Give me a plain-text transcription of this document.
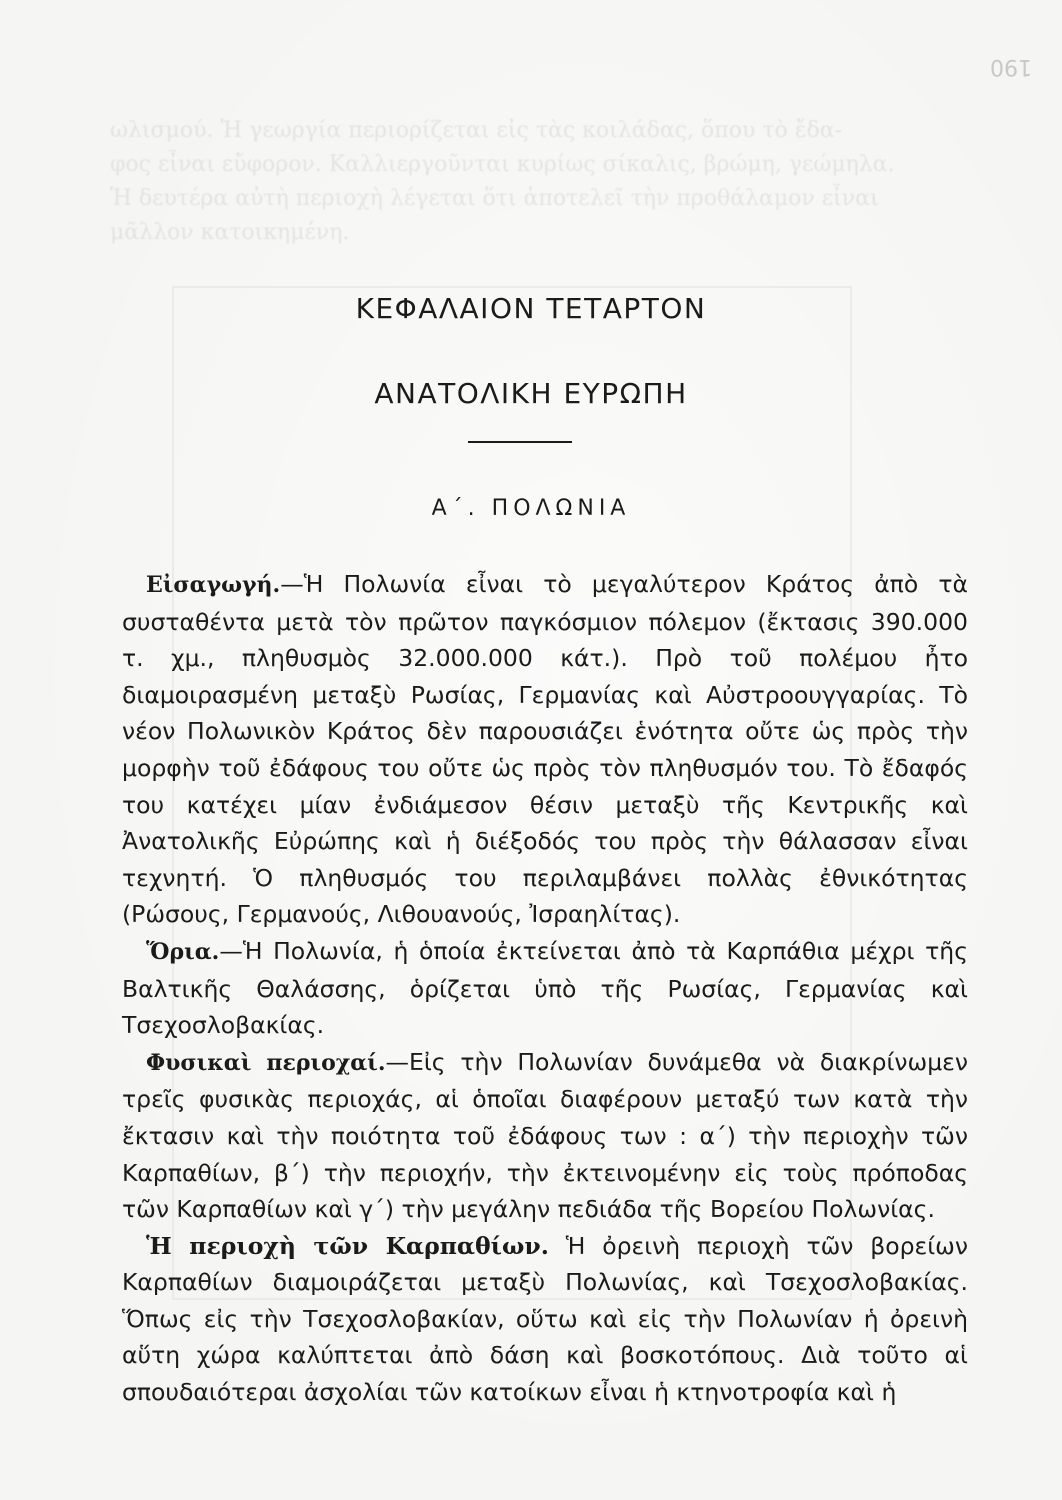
190
ωλισμού. Ἡ γεωργία περιορίζεται εἰς τὰς κοιλάδας, ὅπου τὸ ἔδα-
φος εἶναι εὔφορον. Καλλιεργοῦνται κυρίως σίκαλις, βρώμη, γεώμηλα.
Ἡ δευτέρα αὐτὴ περιοχὴ λέγεται ὅτι ἀποτελεῖ τὴν προθάλαμον εἶναι
μᾶλλον κατοικημένη.
ΚΕΦΑΛΑΙΟΝ ΤΕΤΑΡΤΟΝ
ΑΝΑΤΟΛΙΚΗ ΕΥΡΩΠΗ
Α΄. ΠΟΛΩΝΙΑ

Εἰσαγωγή.—Ἡ Πολωνία εἶναι τὸ μεγαλύτερον Κράτος ἀπὸ τὰ συσταθέντα μετὰ τὸν πρῶτον παγκόσμιον πόλεμον (ἔκτασις 390.000 τ. χμ., πληθυσμὸς 32.000.000 κάτ.). Πρὸ τοῦ πολέμου ἦτο διαμοιρασμένη μεταξὺ Ρωσίας, Γερμανίας καὶ Αὐστροουγγαρίας. Τὸ νέον Πολωνικὸν Κράτος δὲν παρουσιάζει ἑνότητα οὔτε ὡς πρὸς τὴν μορφὴν τοῦ ἐδάφους του οὔτε ὡς πρὸς τὸν πληθυσμόν του. Τὸ ἔδαφός του κατέχει μίαν ἐνδιάμεσον θέσιν μεταξὺ τῆς Κεντρικῆς καὶ Ἀνατολικῆς Εὐρώπης καὶ ἡ διέξοδός του πρὸς τὴν θάλασσαν εἶναι τεχνητή. Ὁ πληθυσμός του περιλαμβάνει πολλὰς ἐθνικότητας (Ρώσους, Γερμανούς, Λιθουανούς, Ἰσραηλίτας).

Ὅρια.—Ἡ Πολωνία, ἡ ὁποία ἐκτείνεται ἀπὸ τὰ Καρπάθια μέχρι τῆς Βαλτικῆς Θαλάσσης, ὁρίζεται ὑπὸ τῆς Ρωσίας, Γερμανίας καὶ Τσεχοσλοβακίας.

Φυσικαὶ περιοχαί.—Εἰς τὴν Πολωνίαν δυνάμεθα νὰ διακρίνωμεν τρεῖς φυσικὰς περιοχάς, αἱ ὁποῖαι διαφέρουν μεταξύ των κατὰ τὴν ἔκτασιν καὶ τὴν ποιότητα τοῦ ἐδάφους των : α΄) τὴν περιοχὴν τῶν Καρπαθίων, β΄) τὴν περιοχήν, τὴν ἐκτεινομένην εἰς τοὺς πρόποδας τῶν Καρπαθίων καὶ γ΄) τὴν μεγάλην πεδιάδα τῆς Βορείου Πολωνίας.

Ἡ περιοχὴ τῶν Καρπαθίων. Ἡ ὀρεινὴ περιοχὴ τῶν βορείων Καρπαθίων διαμοιράζεται μεταξὺ Πολωνίας, καὶ Τσεχοσλοβακίας. Ὅπως εἰς τὴν Τσεχοσλοβακίαν, οὕτω καὶ εἰς τὴν Πολωνίαν ἡ ὀρεινὴ αὕτη χώρα καλύπτεται ἀπὸ δάση καὶ βοσκοτόπους. Διὰ τοῦτο αἱ σπουδαιότεραι ἀσχολίαι τῶν κατοίκων εἶναι ἡ κτηνοτροφία καὶ ἡ
